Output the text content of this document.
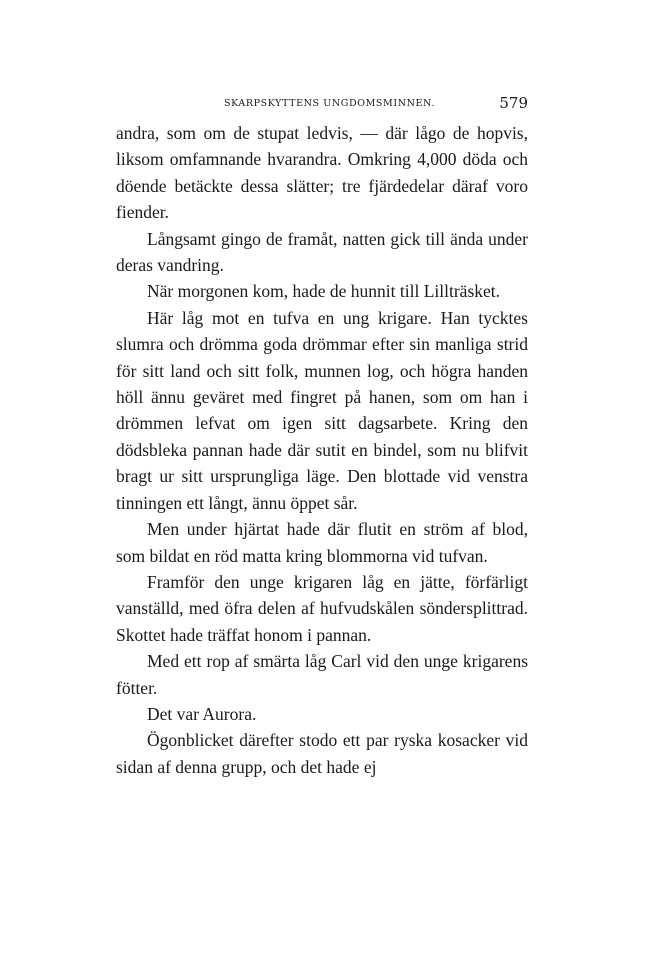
SKARPSKYTTENS UNGDOMSMINNEN.	579

andra, som om de stupat ledvis, — där lågo de hopvis, liksom omfamnande hvarandra. Omkring 4,000 döda och döende betäckte dessa slätter; tre fjärdedelar däraf voro fiender.

Långsamt gingo de framåt, natten gick till ända under deras vandring.

När morgonen kom, hade de hunnit till Lillträsket.

Här låg mot en tufva en ung krigare. Han tycktes slumra och drömma goda drömmar efter sin manliga strid för sitt land och sitt folk, munnen log, och högra handen höll ännu geväret med fingret på hanen, som om han i drömmen lefvat om igen sitt dagsarbete. Kring den dödsbleka pannan hade där sutit en bindel, som nu blifvit bragt ur sitt ursprungliga läge. Den blottade vid venstra tinningen ett långt, ännu öppet sår.

Men under hjärtat hade där flutit en ström af blod, som bildat en röd matta kring blommorna vid tufvan.

Framför den unge krigaren låg en jätte, förfärligt vanställd, med öfra delen af hufvudskålen söndersplittrad. Skottet hade träffat honom i pannan.

Med ett rop af smärta låg Carl vid den unge krigarens fötter.

Det var Aurora.

Ögonblicket därefter stodo ett par ryska kosacker vid sidan af denna grupp, och det hade ej
